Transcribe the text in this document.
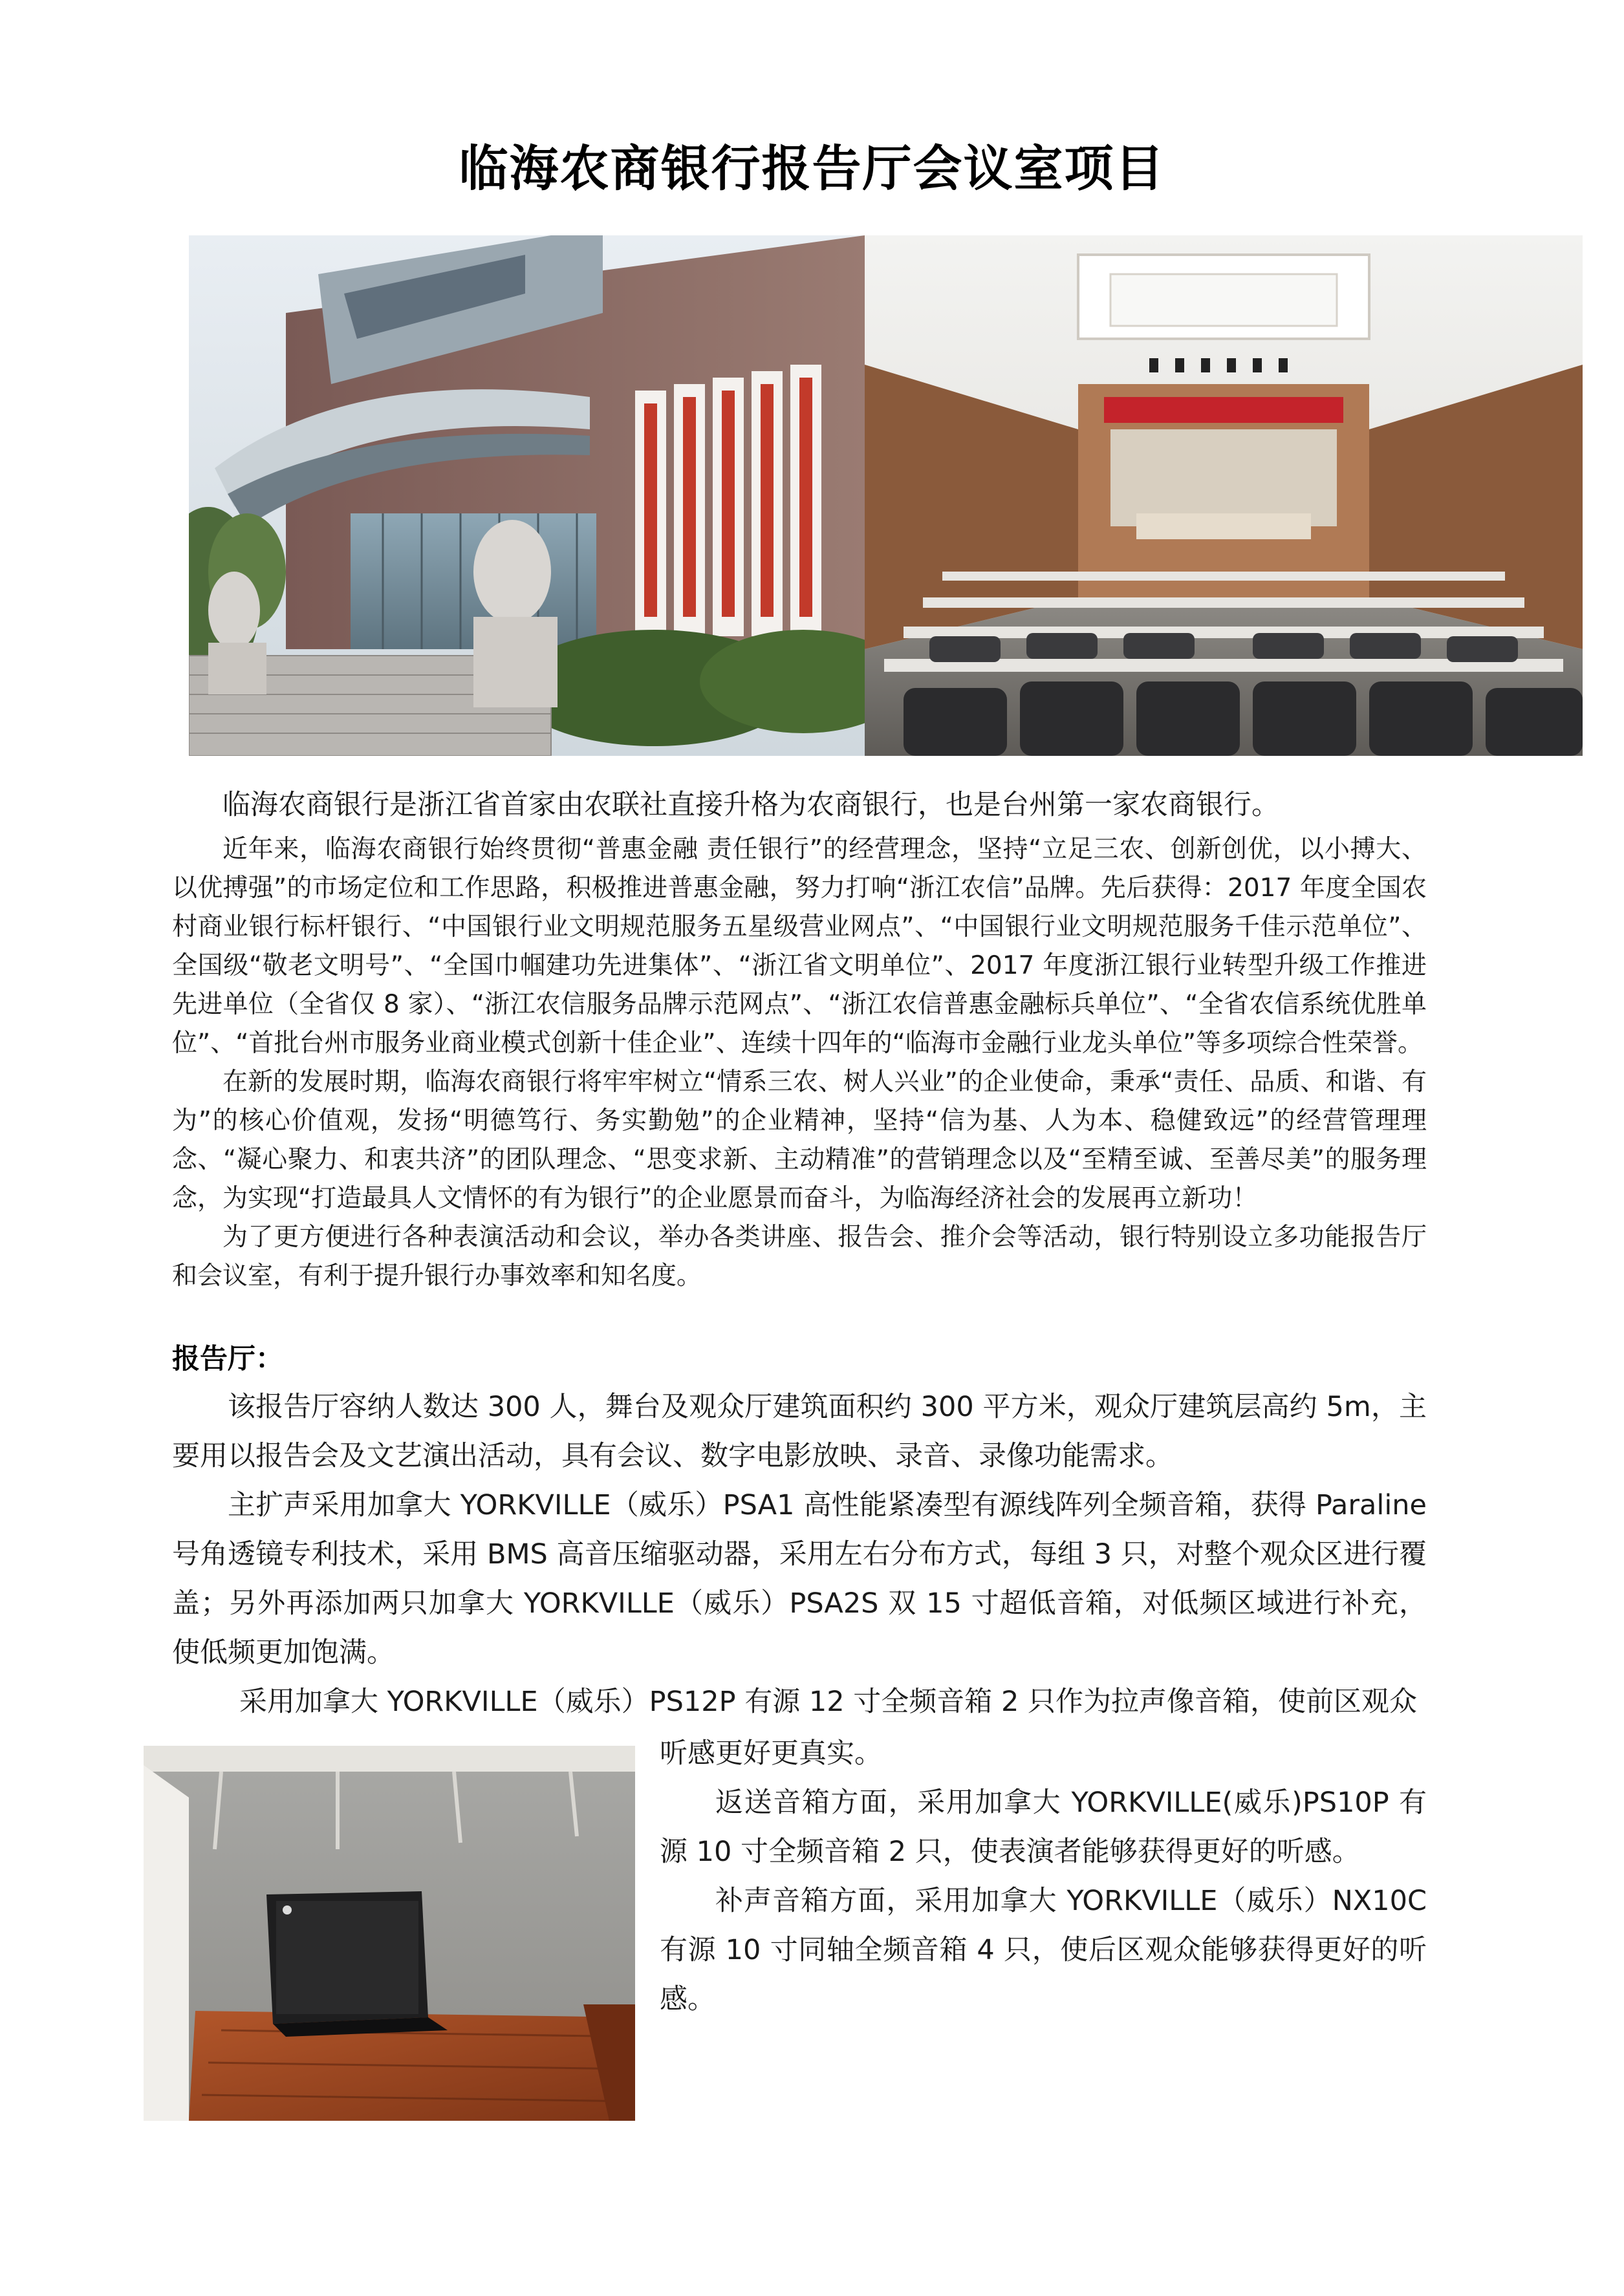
临海农商银行报告厅会议室项目

临海农商银行是浙江省首家由农联社直接升格为农商银行，也是台州第一家农商银行。

近年来，临海农商银行始终贯彻“普惠金融 责任银行”的经营理念，坚持“立足三农、创新创优，以小搏大、以优搏强”的市场定位和工作思路，积极推进普惠金融，努力打响“浙江农信”品牌。先后获得：2017 年度全国农村商业银行标杆银行、“中国银行业文明规范服务五星级营业网点”、“中国银行业文明规范服务千佳示范单位”、全国级“敬老文明号”、“全国巾帼建功先进集体”、“浙江省文明单位”、2017 年度浙江银行业转型升级工作推进先进单位（全省仅 8 家）、“浙江农信服务品牌示范网点”、“浙江农信普惠金融标兵单位”、“全省农信系统优胜单位”、“首批台州市服务业商业模式创新十佳企业”、连续十四年的“临海市金融行业龙头单位”等多项综合性荣誉。

在新的发展时期，临海农商银行将牢牢树立“情系三农、树人兴业”的企业使命，秉承“责任、品质、和谐、有为”的核心价值观，发扬“明德笃行、务实勤勉”的企业精神，坚持“信为基、人为本、稳健致远”的经营管理理念、“凝心聚力、和衷共济”的团队理念、“思变求新、主动精准”的营销理念以及“至精至诚、至善尽美”的服务理念，为实现“打造最具人文情怀的有为银行”的企业愿景而奋斗，为临海经济社会的发展再立新功！

为了更方便进行各种表演活动和会议，举办各类讲座、报告会、推介会等活动，银行特别设立多功能报告厅和会议室，有利于提升银行办事效率和知名度。

报告厅：

该报告厅容纳人数达 300 人，舞台及观众厅建筑面积约 300 平方米，观众厅建筑层高约 5m，主要用以报告会及文艺演出活动，具有会议、数字电影放映、录音、录像功能需求。

主扩声采用加拿大 YORKVILLE（威乐）PSA1 高性能紧凑型有源线阵列全频音箱，获得 Paraline 号角透镜专利技术，采用 BMS 高音压缩驱动器，采用左右分布方式，每组 3 只，对整个观众区进行覆盖；另外再添加两只加拿大 YORKVILLE（威乐）PSA2S 双 15 寸超低音箱，对低频区域进行补充，使低频更加饱满。

采用加拿大 YORKVILLE（威乐）PS12P 有源 12 寸全频音箱 2 只作为拉声像音箱，使前区观众

听感更好更真实。

返送音箱方面，采用加拿大 YORKVILLE(威乐)PS10P 有源 10 寸全频音箱 2 只，使表演者能够获得更好的听感。

补声音箱方面，采用加拿大 YORKVILLE（威乐）NX10C 有源 10 寸同轴全频音箱 4 只，使后区观众能够获得更好的听感。
